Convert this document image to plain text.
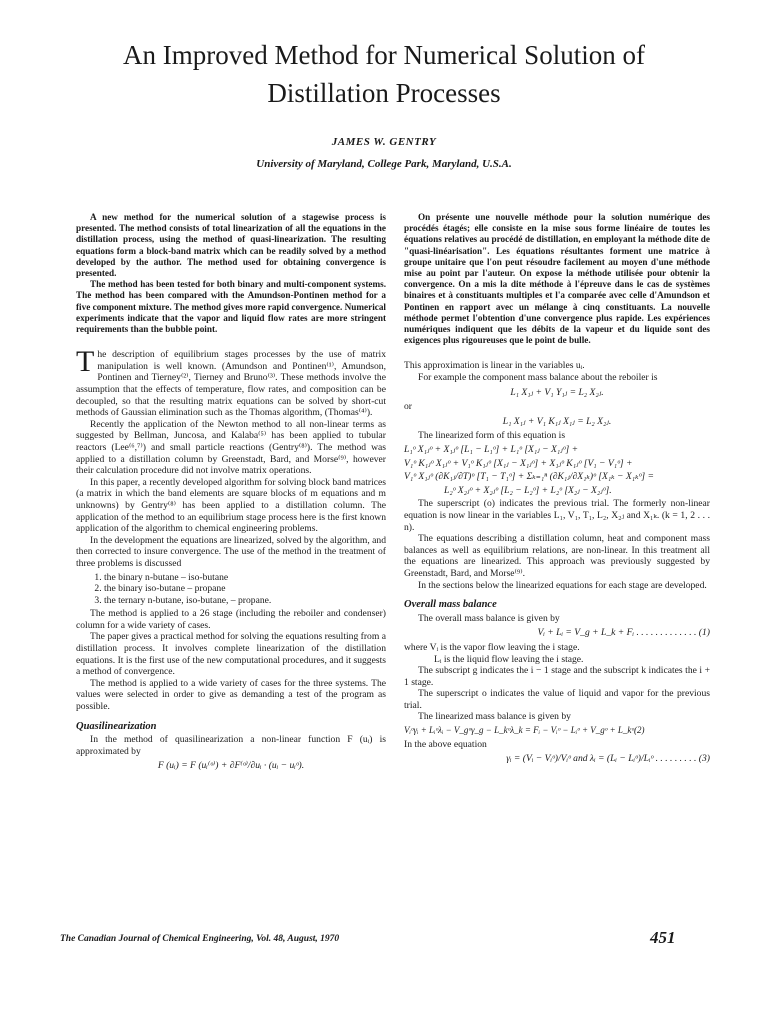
An Improved Method for Numerical Solution of Distillation Processes
JAMES W. GENTRY
University of Maryland, College Park, Maryland, U.S.A.

A new method for the numerical solution of a stagewise process is presented. The method consists of total linearization of all the equations in the distillation process, using the method of quasi-linearization. The resulting equations form a block-band matrix which can be readily solved by a method developed by the author. The method used for obtaining convergence is presented.

The method has been tested for both binary and multi-component systems. The method has been compared with the Amundson-Pontinen method for a five component mixture. The method gives more rapid convergence. Numerical experiments indicate that the vapor and liquid flow rates are more stringent requirements than the bubble point.

The description of equilibrium stages processes by the use of matrix manipulation is well known. (Amundson and Pontinen⁽¹⁾, Amundson, Pontinen and Tierney⁽²⁾, Tierney and Bruno⁽³⁾. These methods involve the assumption that the effects of temperature, flow rates, and composition can be decoupled, so that the resulting matrix equations can be solved by short-cut methods of Gaussian elimination such as the Thomas algorithm, (Thomas⁽⁴⁾).

Recently the application of the Newton method to all non-linear terms as suggested by Bellman, Juncosa, and Kalaba⁽⁵⁾ has been applied to tubular reactors (Lee⁽⁶,⁷⁾) and small particle reactions (Gentry⁽⁸⁾). The method was applied to a distillation column by Greenstadt, Bard, and Morse⁽⁹⁾, however their calculation procedure did not involve matrix operations.

In this paper, a recently developed algorithm for solving block band matrices (a matrix in which the band elements are square blocks of m equations and m unknowns) by Gentry⁽⁸⁾ has been applied to a distillation column. The application of the method to an equilibrium stage process here is the first known application of the algorithm to chemical engineering problems.

In the development the equations are linearized, solved by the algorithm, and then corrected to insure convergence. The use of the method in the treatment of three problems is discussed

1. the binary n-butane – iso-butane
2. the binary iso-butane – propane
3. the ternary n-butane, iso-butane, – propane.

The method is applied to a 26 stage (including the reboiler and condenser) column for a wide variety of cases.

The paper gives a practical method for solving the equations resulting from a distillation process. It involves complete linearization of the distillation equations. It is the first use of the new computational procedures, and it suggests a method of convergence.

The method is applied to a wide variety of cases for the three systems. The values were selected in order to give as demanding a test of the program as possible.

Quasilinearization

In the method of quasilinearization a non-linear function F (uᵢ) is approximated by

F (uᵢ) = F (uᵢ⁽ᵒ⁾) + ∂F⁽ᵒ⁾/∂uᵢ · (uᵢ − uᵢᵒ).

On présente une nouvelle méthode pour la solution numérique des procédés étagés; elle consiste en la mise sous forme linéaire de toutes les équations relatives au procédé de distillation, en employant la méthode dite de "quasi-linéarisation". Les équations résultantes forment une matrice à groupe unitaire que l'on peut résoudre facilement au moyen d'une méthode mise au point par l'auteur. On expose la méthode utilisée pour obtenir la convergence. On a mis la dite méthode à l'épreuve dans le cas de systèmes binaires et à constituants multiples et l'a comparée avec celle d'Amundson et Pontinen en rapport avec un mélange à cinq constituants. La nouvelle méthode permet l'obtention d'une convergence plus rapide. Les expériences numériques indiquent que les débits de la vapeur et du liquide sont des exigences plus rigoureuses que le point de bulle.

This approximation is linear in the variables uᵢ.

For example the component mass balance about the reboiler is

L₁ X₁ⱼ + V₁ Y₁ⱼ = L₂ X₂ⱼ.
or
L₁ X₁ⱼ + V₁ K₁ⱼ X₁ⱼ = L₂ X₂ⱼ.

The linearized form of this equation is

L₁ᵒ X₁ⱼᵒ + X₁ⱼᵒ [L₁ − L₁ᵒ] + L₁ᵒ [X₁ⱼ − X₁ⱼᵒ] +
V₁ᵒ K₁ⱼᵒ X₁ⱼᵒ + V₁ᵒ K₁ⱼᵒ [X₁ⱼ − X₁ⱼᵒ] + X₁ⱼᵒ K₁ⱼᵒ [V₁ − V₁ᵒ] +
V₁ᵒ X₁ⱼᵒ (∂K₁ⱼ/∂T)ᵒ [T₁ − T₁ᵒ] + Σₖ₌₁ⁿ (∂K₁ⱼ/∂X₁ₖ)ᵒ [X₁ₖ − X₁ₖᵒ] =
L₂ᵒ X₂ⱼᵒ + X₂ⱼᵒ [L₂ − L₂ᵒ] + L₂ᵒ [X₂ⱼ − X₂ⱼᵒ].

The superscript (o) indicates the previous trial. The formerly non-linear equation is now linear in the variables L₁, V₁, T₁, L₂, X₂ⱼ and X₁ₖ. (k = 1, 2 . . . n).

The equations describing a distillation column, heat and component mass balances as well as equilibrium relations, are non-linear. In this treatment all the equations are linearized. This approach was previously suggested by Greenstadt, Bard, and Morse⁽⁹⁾.

In the sections below the linearized equations for each stage are developed.

Overall mass balance

The overall mass balance is given by

Vᵢ + Lᵢ = V_g + L_k + Fᵢ . . . . . . . . . . . . . (1)

where Vᵢ is the vapor flow leaving the i stage.

Lᵢ is the liquid flow leaving the i stage.

The subscript g indicates the i − 1 stage and the subscript k indicates the i + 1 stage.

The superscript o indicates the value of liquid and vapor for the previous trial.

The linearized mass balance is given by

Vᵢᵒγᵢ + Lᵢᵒλᵢ − V_gᵒγ_g − L_kᵒλ_k = Fᵢ − Vᵢᵒ − Lᵢᵒ + V_gᵒ + L_kᵒ(2)

In the above equation

γᵢ = (Vᵢ − Vᵢᵒ)/Vᵢᵒ and λᵢ = (Lᵢ − Lᵢᵒ)/Lᵢᵒ . . . . . . . . . (3)
The Canadian Journal of Chemical Engineering, Vol. 48, August, 1970	451
